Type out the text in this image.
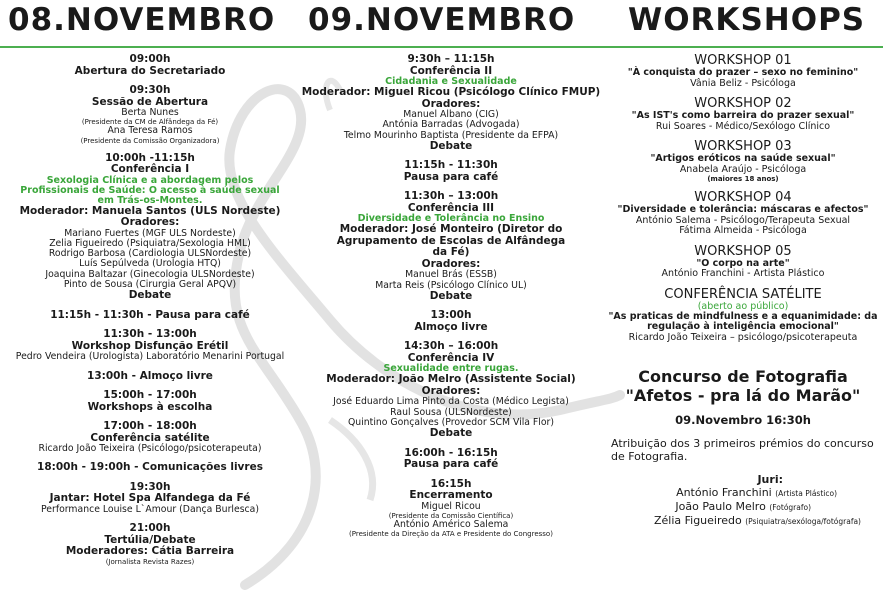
08.NOVEMBRO 09.NOVEMBRO WORKSHOPS
09:00h
Abertura do Secretariado
09:30h
Sessão de Abertura
Berta Nunes
(Presidente da CM de Alfândega da Fé)
Ana Teresa Ramos
(Presidente da Comissão Organizadora)
10:00h -11:15h
Conferência I
Sexologia Clínica e a abordagem pelos Profissionais de Saúde: O acesso à saúde sexual em Trás-os-Montes.
Moderador: Manuela Santos (ULS Nordeste)
Oradores:
Mariano Fuertes (MGF ULS Nordeste)
Zelia Figueiredo (Psiquiatra/Sexologia HML)
Rodrigo Barbosa (Cardiologia ULSNordeste)
Luís Sepúlveda (Urologia HTQ)
Joaquina Baltazar (Ginecologia ULSNordeste)
Pinto de Sousa (Cirurgia Geral APQV)
Debate
11:15h - 11:30h - Pausa para café
11:30h - 13:00h
Workshop Disfunção Erétil
Pedro Vendeira (Urologista) Laboratório Menarini Portugal
13:00h - Almoço livre
15:00h - 17:00h
Workshops à escolha
17:00h - 18:00h
Conferência satélite
Ricardo João Teixeira (Psicólogo/psicoterapeuta)
18:00h - 19:00h - Comunicações livres
19:30h
Jantar: Hotel Spa Alfandega da Fé
Performance Louise L`Amour (Dança Burlesca)
21:00h
Tertúlia/Debate
Moderadores: Cátia Barreira
(Jornalista Revista Razes)
9:30h – 11:15h
Conferência II
Cidadania e Sexualidade
Moderador: Miguel Ricou (Psicólogo Clínico FMUP)
Oradores:
Manuel Albano (CIG)
Antónia Barradas (Advogada)
Telmo Mourinho Baptista (Presidente da EFPA)
Debate
11:15h - 11:30h
Pausa para café
11:30h – 13:00h
Conferência III
Diversidade e Tolerância no Ensino
Moderador: José Monteiro (Diretor do Agrupamento de Escolas de Alfândega da Fé)
Oradores:
Manuel Brás (ESSB)
Marta Reis (Psicólogo Clínico UL)
Debate
13:00h
Almoço livre
14:30h – 16:00h
Conferência IV
Sexualidade entre rugas.
Moderador: João Melro (Assistente Social)
Oradores:
José Eduardo Lima Pinto da Costa (Médico Legista)
Raul Sousa (ULSNordeste)
Quintino Gonçalves (Provedor SCM Vila Flor)
Debate
16:00h - 16:15h
Pausa para café
16:15h
Encerramento
Miguel Ricou
(Presidente da Comissão Científica)
António Américo Salema
(Presidente da Direção da ATA e Presidente do Congresso)
WORKSHOP 01
"À conquista do prazer – sexo no feminino"
Vânia Beliz - Psicóloga
WORKSHOP 02
"As IST's como barreira do prazer sexual"
Rui Soares - Médico/Sexólogo Clínico
WORKSHOP 03
"Artigos eróticos na saúde sexual"
Anabela Araújo - Psicóloga
(maiores 18 anos)
WORKSHOP 04
"Diversidade e tolerância: máscaras e afectos"
António Salema - Psicólogo/Terapeuta Sexual
Fátima Almeida - Psicóloga
WORKSHOP 05
"O corpo na arte"
António Franchini - Artista Plástico
CONFERÊNCIA SATÉLITE
(aberto ao público)
"As praticas de mindfulness e a equanimidade: da regulação à inteligência emocional"
Ricardo João Teixeira – psicólogo/psicoterapeuta
Concurso de Fotografia
"Afetos - pra lá do Marão"
09.Novembro 16:30h
Atribuição dos 3 primeiros prémios do concurso de Fotografia.
Juri:
António Franchini (Artista Plástico)
João Paulo Melro (Fotógrafo)
Zélia Figueiredo (Psiquiatra/sexóloga/fotógrafa)
